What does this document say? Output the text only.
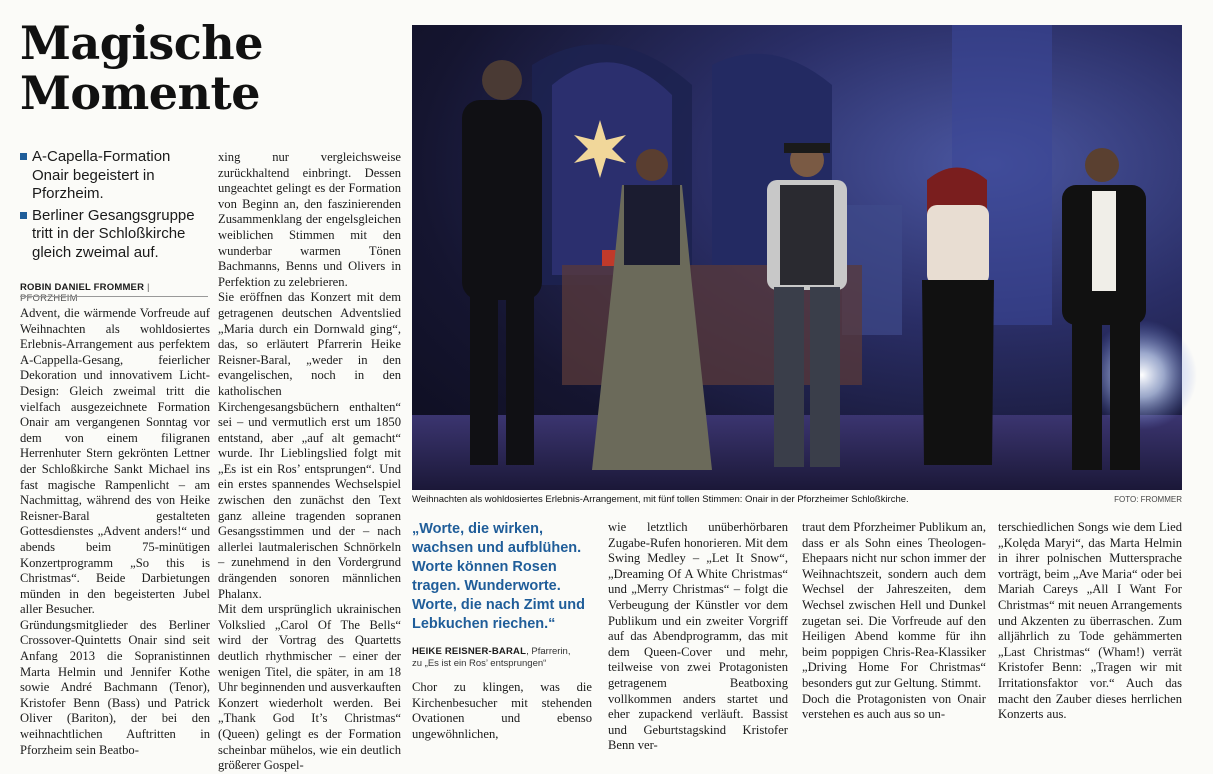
Magische Momente
A-Capella-Formation Onair begeistert in Pforzheim.
Berliner Gesangsgruppe tritt in der Schloßkirche gleich zweimal auf.
ROBIN DANIEL FROMMER | PFORZHEIM

Advent, die wärmende Vorfreude auf Weihnachten als wohldosiertes Erlebnis-Arrangement aus perfektem A-Cappella-Gesang, feierlicher Dekoration und innovativem Licht-Design: Gleich zweimal tritt die vielfach ausgezeichnete Formation Onair am vergangenen Sonntag vor dem von einem filigranen Herrenhuter Stern gekrönten Lettner der Schloßkirche Sankt Michael ins fast magische Rampenlicht – am Nachmittag, während des von Heike Reisner-Baral gestalteten Gottesdienstes „Advent anders!“ und abends beim 75-minütigen Konzertprogramm „So this is Christmas“. Beide Darbietungen münden in den begeisterten Jubel aller Besucher.

Gründungsmitglieder des Berliner Crossover-Quintetts Onair sind seit Anfang 2013 die Sopranistinnen Marta Helmin und Jennifer Kothe sowie André Bachmann (Tenor), Kristofer Benn (Bass) und Patrick Oliver (Bariton), der bei den weihnachtlichen Auftritten in Pforzheim sein Beatbo-

xing nur vergleichsweise zurückhaltend einbringt. Dessen ungeachtet gelingt es der Formation von Beginn an, den faszinierenden Zusammenklang der engelsgleichen weiblichen Stimmen mit den wunderbar warmen Tönen Bachmanns, Benns und Olivers in Perfektion zu zelebrieren.

Sie eröffnen das Konzert mit dem getragenen deutschen Adventslied „Maria durch ein Dornwald ging“, das, so erläutert Pfarrerin Heike Reisner-Baral, „weder in den evangelischen, noch in den katholischen Kirchengesangsbüchern enthalten“ sei – und vermutlich erst um 1850 entstand, aber „auf alt gemacht“ wurde. Ihr Lieblingslied folgt mit „Es ist ein Ros’ entsprungen“. Und ein erstes spannendes Wechselspiel zwischen den zunächst den Text ganz alleine tragenden sopranen Gesangsstimmen und der – nach allerlei lautmalerischen Schnörkeln – zunehmend in den Vordergrund drängenden sonoren männlichen Phalanx.

Mit dem ursprünglich ukrainischen Volkslied „Carol Of The Bells“ wird der Vortrag des Quartetts deutlich rhythmischer – einer der wenigen Titel, die später, in am 18 Uhr beginnenden und ausverkauften Konzert wiederholt werden. Bei „Thank God It’s Christmas“ (Queen) gelingt es der Formation scheinbar mühelos, wie ein deutlich größerer Gospel-

Weihnachten als wohldosiertes Erlebnis-Arrangement, mit fünf tollen Stimmen: Onair in der Pforzheimer Schloßkirche.	FOTO: FROMMER
„Worte, die wirken, wachsen und aufblühen. Worte können Rosen tragen. Wunderworte. Worte, die nach Zimt und Lebkuchen riechen.“
HEIKE REISNER-BARAL, Pfarrerin,
zu „Es ist ein Ros’ entsprungen“

Chor zu klingen, was die Kirchenbesucher mit stehenden Ovationen und ebenso ungewöhnlichen,

wie letztlich unüberhörbaren Zugabe-Rufen honorieren. Mit dem Swing Medley – „Let It Snow“, „Dreaming Of A White Christmas“ und „Merry Christmas“ – folgt die Verbeugung der Künstler vor dem Publikum und ein zweiter Vorgriff auf das Abendprogramm, das mit dem Queen-Cover und mehr, teilweise von zwei Protagonisten getragenem Beatboxing vollkommen anders startet und eher zupackend verläuft. Bassist und Geburtstagskind Kristofer Benn ver-

traut dem Pforzheimer Publikum an, dass er als Sohn eines Theologen-Ehepaars nicht nur schon immer der Weihnachtszeit, sondern auch dem Wechsel der Jahreszeiten, dem Wechsel zwischen Hell und Dunkel zugetan sei. Die Vorfreude auf den Heiligen Abend komme für ihn beim poppigen Chris-Rea-Klassiker „Driving Home For Christmas“ besonders gut zur Geltung. Stimmt.

Doch die Protagonisten von Onair verstehen es auch aus so un-

terschiedlichen Songs wie dem Lied „Kolęda Maryi“, das Marta Helmin in ihrer polnischen Muttersprache vorträgt, beim „Ave Maria“ oder bei Mariah Careys „All I Want For Christmas“ mit neuen Arrangements und Akzenten zu überraschen. Zum alljährlich zu Tode gehämmerten „Last Christmas“ (Wham!) verrät Kristofer Benn: „Tragen wir mit Irritationsfaktor vor.“ Auch das macht den Zauber dieses herrlichen Konzerts aus.
